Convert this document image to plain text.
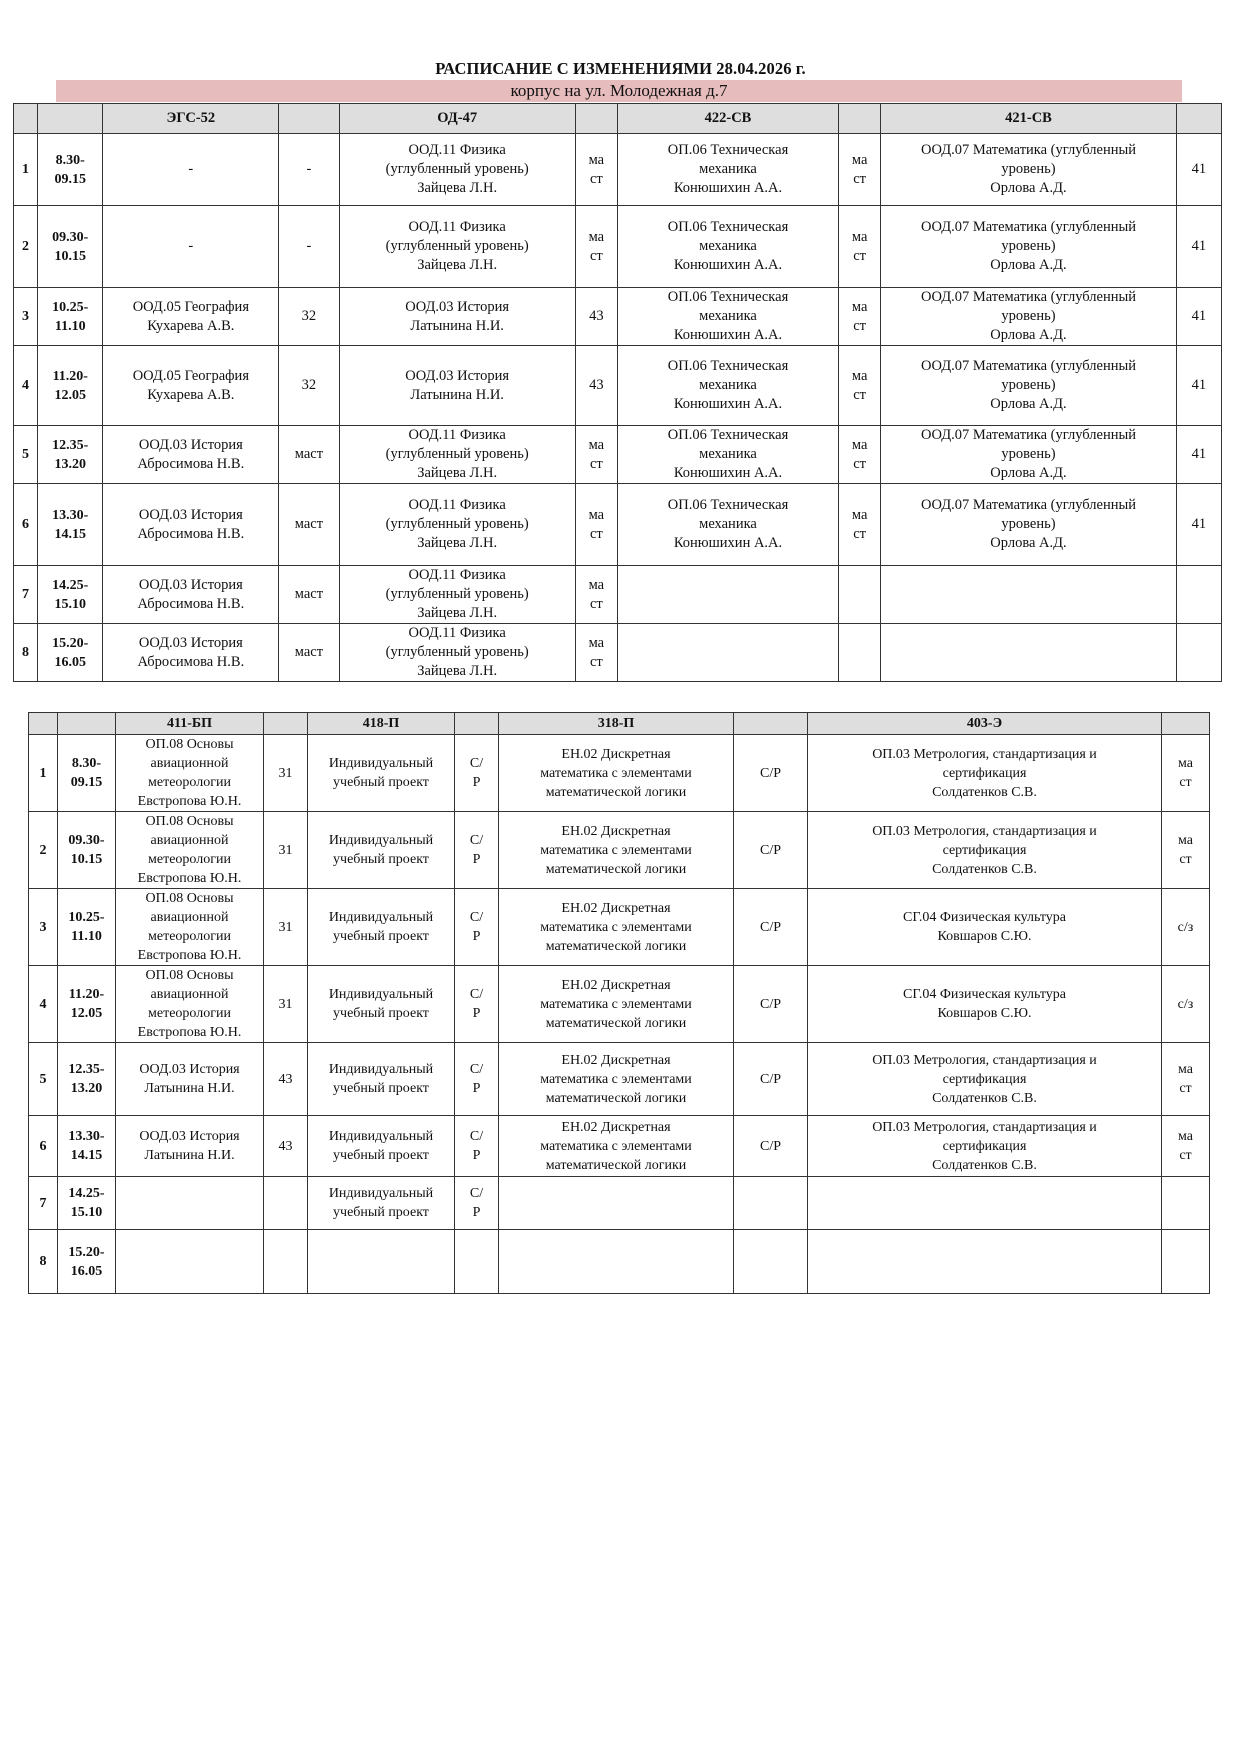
РАСПИСАНИЕ С ИЗМЕНЕНИЯМИ 28.04.2026 г.
корпус на ул. Молодежная д.7
		ЭГС-52		ОД-47		422-СВ		421-СВ	
1	8.30-
09.15	-	-	ООД.11 Физика
(углубленный уровень)
Зайцева Л.Н.	ма
ст	ОП.06 Техническая
механика
Конюшихин А.А.	ма
ст	ООД.07 Математика (углубленный
уровень)
Орлова А.Д.	41
2	09.30-
10.15	-	-	ООД.11 Физика
(углубленный уровень)
Зайцева Л.Н.	ма
ст	ОП.06 Техническая
механика
Конюшихин А.А.	ма
ст	ООД.07 Математика (углубленный
уровень)
Орлова А.Д.	41
3	10.25-
11.10	ООД.05 География
Кухарева А.В.	32	ООД.03 История
Латынина Н.И.	43	ОП.06 Техническая
механика
Конюшихин А.А.	ма
ст	ООД.07 Математика (углубленный
уровень)
Орлова А.Д.	41
4	11.20-
12.05	ООД.05 География
Кухарева А.В.	32	ООД.03 История
Латынина Н.И.	43	ОП.06 Техническая
механика
Конюшихин А.А.	ма
ст	ООД.07 Математика (углубленный
уровень)
Орлова А.Д.	41
5	12.35-
13.20	ООД.03 История
Абросимова Н.В.	маст	ООД.11 Физика
(углубленный уровень)
Зайцева Л.Н.	ма
ст	ОП.06 Техническая
механика
Конюшихин А.А.	ма
ст	ООД.07 Математика (углубленный
уровень)
Орлова А.Д.	41
6	13.30-
14.15	ООД.03 История
Абросимова Н.В.	маст	ООД.11 Физика
(углубленный уровень)
Зайцева Л.Н.	ма
ст	ОП.06 Техническая
механика
Конюшихин А.А.	ма
ст	ООД.07 Математика (углубленный
уровень)
Орлова А.Д.	41
7	14.25-
15.10	ООД.03 История
Абросимова Н.В.	маст	ООД.11 Физика
(углубленный уровень)
Зайцева Л.Н.	ма
ст				
8	15.20-
16.05	ООД.03 История
Абросимова Н.В.	маст	ООД.11 Физика
(углубленный уровень)
Зайцева Л.Н.	ма
ст				
		411-БП		418-П		318-П		403-Э	
1	8.30-
09.15	ОП.08 Основы
авиационной
метеорологии
Евстропова Ю.Н.	31	Индивидуальный
учебный проект	С/
Р	ЕН.02 Дискретная
математика с элементами
математической логики	С/Р	ОП.03 Метрология, стандартизация и
сертификация
Солдатенков С.В.	ма
ст
2	09.30-
10.15	ОП.08 Основы
авиационной
метеорологии
Евстропова Ю.Н.	31	Индивидуальный
учебный проект	С/
Р	ЕН.02 Дискретная
математика с элементами
математической логики	С/Р	ОП.03 Метрология, стандартизация и
сертификация
Солдатенков С.В.	ма
ст
3	10.25-
11.10	ОП.08 Основы
авиационной
метеорологии
Евстропова Ю.Н.	31	Индивидуальный
учебный проект	С/
Р	ЕН.02 Дискретная
математика с элементами
математической логики	С/Р	СГ.04 Физическая культура
Ковшаров С.Ю.	с/з
4	11.20-
12.05	ОП.08 Основы
авиационной
метеорологии
Евстропова Ю.Н.	31	Индивидуальный
учебный проект	С/
Р	ЕН.02 Дискретная
математика с элементами
математической логики	С/Р	СГ.04 Физическая культура
Ковшаров С.Ю.	с/з
5	12.35-
13.20	ООД.03 История
Латынина Н.И.	43	Индивидуальный
учебный проект	С/
Р	ЕН.02 Дискретная
математика с элементами
математической логики	С/Р	ОП.03 Метрология, стандартизация и
сертификация
Солдатенков С.В.	ма
ст
6	13.30-
14.15	ООД.03 История
Латынина Н.И.	43	Индивидуальный
учебный проект	С/
Р	ЕН.02 Дискретная
математика с элементами
математической логики	С/Р	ОП.03 Метрология, стандартизация и
сертификация
Солдатенков С.В.	ма
ст
7	14.25-
15.10			Индивидуальный
учебный проект	С/
Р				
8	15.20-
16.05								
